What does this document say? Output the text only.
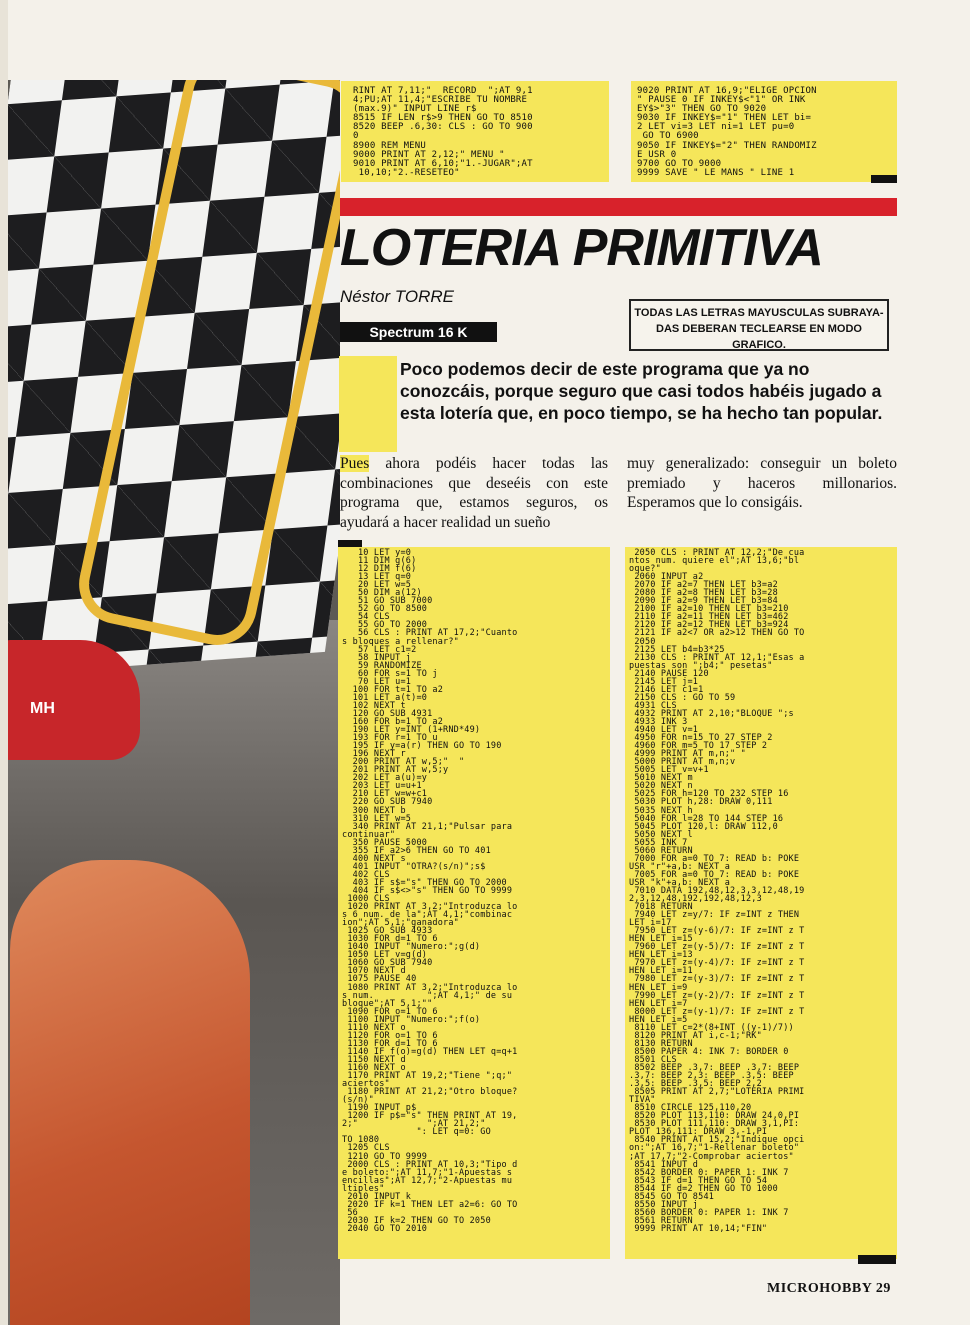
MH
RINT AT 7,11;"  RECORD  ";AT 9,1
4;PU;AT 11,4;"ESCRIBE TU NOMBRE
(max.9)" INPUT LINE r$
8515 IF LEN r$>9 THEN GO TO 8510
8520 BEEP .6,30: CLS : GO TO 900
0
8900 REM MENU
9000 PRINT AT 2,12;" MENU "
9010 PRINT AT 6,10;"1.-JUGAR";AT
10,10;"2.-RESETEO"
9020 PRINT AT 16,9;"ELIGE OPCION
" PAUSE 0 IF INKEY$<"1" OR INK
EY$>"3" THEN GO TO 9020
9030 IF INKEY$="1" THEN LET bi=
2 LET vi=3 LET ni=1 LET pu=0
GO TO 6900
9050 IF INKEY$="2" THEN RANDOMIZ
E USR 0
9700 GO TO 9000
9999 SAVE " LE MANS " LINE 1
LOTERIA PRIMITIVA
Néstor TORRE
Spectrum 16 K
TODAS LAS LETRAS MAYUSCULAS SUBRAYA-
DAS DEBERAN TECLEARSE EN MODO GRAFICO.
Poco podemos decir de este programa que ya no conozcáis, porque seguro que casi todos habéis jugado a esta lotería que, en poco tiempo, se ha hecho tan popular.
Pues ahora podéis hacer todas las combinaciones que deseéis con este programa que, estamos seguros, os ayudará a hacer realidad un sueño
muy generalizado: conseguir un boleto premiado y haceros millonarios. Esperamos que lo consigáis.
10 LET y=0
11 DIM g(6)
12 DIM f(6)
13 LET q=0
20 LET w=5
50 DIM a(12)
51 GO SUB 7000
52 GO TO 8500
54 CLS
55 GO TO 2000
56 CLS : PRINT AT 17,2;"Cuanto
s bloques a rellenar?"
57 LET c1=2
58 INPUT j
59 RANDOMIZE
60 FOR s=1 TO j
70 LET u=1
100 FOR t=1 TO a2
101 LET a(t)=0
102 NEXT t
120 GO SUB 4931
160 FOR b=1 TO a2
190 LET y=INT (1+RND*49)
193 FOR r=1 TO u
195 IF y=a(r) THEN GO TO 190
196 NEXT r
200 PRINT AT w,5;"  "
201 PRINT AT w,5;y
202 LET a(u)=y
203 LET u=u+1
210 LET w=w+c1
220 GO SUB 7940
300 NEXT b
310 LET w=5
340 PRINT AT 21,1;"Pulsar para
continuar"
350 PAUSE 5000
355 IF a2>6 THEN GO TO 401
400 NEXT s
401 INPUT "OTRA?(s/n)";s$
402 CLS
403 IF s$="s" THEN GO TO 2000
404 IF s$<>"s" THEN GO TO 9999
1000 CLS
1020 PRINT AT 3,2;"Introduzca lo
s 6 num. de la";AT 4,1;"combinac
ion";AT 5,1;"ganadora"
1025 GO SUB 4933
1030 FOR d=1 TO 6
1040 INPUT "Numero:";g(d)
1050 LET v=g(d)
1060 GO SUB 7940
1070 NEXT d
1075 PAUSE 40
1080 PRINT AT 3,2;"Introduzca lo
s num.          ";AT 4,1;" de su
bloque";AT 5,1;""
1090 FOR o=1 TO 6
1100 INPUT "Numero:";f(o)
1110 NEXT o
1120 FOR o=1 TO 6
1130 FOR d=1 TO 6
1140 IF f(o)=g(d) THEN LET q=q+1
1150 NEXT d
1160 NEXT o
1170 PRINT AT 19,2;"Tiene ";q;"
aciertos"
1180 PRINT AT 21,2;"Otro bloque?
(s/n)"
1190 INPUT p$
1200 IF p$="s" THEN PRINT AT 19,
2;"             ";AT 21,2;"
": LET q=0: GO
TO 1080
1205 CLS
1210 GO TO 9999
2000 CLS : PRINT AT 10,3;"Tipo d
e boleto:";AT 11,7;"1-Apuestas s
encillas";AT 12,7;"2-Apuestas mu
ltiples"
2010 INPUT k
2020 IF k=1 THEN LET a2=6: GO TO
56
2030 IF k=2 THEN GO TO 2050
2040 GO TO 2010
2050 CLS : PRINT AT 12,2;"De cua
ntos num. quiere el";AT 13,6;"bl
oque?"
2060 INPUT a2
2070 IF a2=7 THEN LET b3=a2
2080 IF a2=8 THEN LET b3=28
2090 IF a2=9 THEN LET b3=84
2100 IF a2=10 THEN LET b3=210
2110 IF a2=11 THEN LET b3=462
2120 IF a2=12 THEN LET b3=924
2121 IF a2<7 OR a2>12 THEN GO TO
2050
2125 LET b4=b3*25
2130 CLS : PRINT AT 12,1;"Esas a
puestas son ";b4;" pesetas"
2140 PAUSE 120
2145 LET j=1
2146 LET c1=1
2150 CLS : GO TO 59
4931 CLS
4932 PRINT AT 2,10;"BLOQUE ";s
4933 INK 3
4940 LET v=1
4950 FOR n=15 TO 27 STEP 2
4960 FOR m=5 TO 17 STEP 2
4999 PRINT AT m,n;" "
5000 PRINT AT m,n;v
5005 LET v=v+1
5010 NEXT m
5020 NEXT n
5025 FOR h=120 TO 232 STEP 16
5030 PLOT h,28: DRAW 0,111
5035 NEXT h
5040 FOR l=28 TO 144 STEP 16
5045 PLOT 120,l: DRAW 112,0
5050 NEXT l
5055 INK 7
5060 RETURN
7000 FOR a=0 TO 7: READ b: POKE
USR "r"+a,b: NEXT a
7005 FOR a=0 TO 7: READ b: POKE
USR "k"+a,b: NEXT a
7010 DATA 192,48,12,3,3,12,48,19
2,3,12,48,192,192,48,12,3
7018 RETURN
7940 LET z=y/7: IF z=INT z THEN
LET i=17
7950 LET z=(y-6)/7: IF z=INT z T
HEN LET i=15
7960 LET z=(y-5)/7: IF z=INT z T
HEN LET i=13
7970 LET z=(y-4)/7: IF z=INT z T
HEN LET i=11
7980 LET z=(y-3)/7: IF z=INT z T
HEN LET i=9
7990 LET z=(y-2)/7: IF z=INT z T
HEN LET i=7
8000 LET z=(y-1)/7: IF z=INT z T
HEN LET i=5
8110 LET c=2*(8+INT ((y-1)/7))
8120 PRINT AT i,c-1;"RK"
8130 RETURN
8500 PAPER 4: INK 7: BORDER 0
8501 CLS
8502 BEEP .3,7: BEEP .3,7: BEEP
.3,7: BEEP 2,3: BEEP .3,5: BEEP
.3,5: BEEP .3,5: BEEP 2,2
8505 PRINT AT 2,7;"LOTERIA PRIMI
TIVA"
8510 CIRCLE 125,110,20
8520 PLOT 113,110: DRAW 24,0,PI
8530 PLOT 111,110: DRAW 3,1,PI:
PLOT 136,111: DRAW 3,-1,PI
8540 PRINT AT 15,2;"Indique opci
on:";AT 16,7;"1-Rellenar boleto"
;AT 17,7;"2-Comprobar aciertos"
8541 INPUT d
8542 BORDER 0: PAPER 1: INK 7
8543 IF d=1 THEN GO TO 54
8544 IF d=2 THEN GO TO 1000
8545 GO TO 8541
8550 INPUT j
8560 BORDER 0: PAPER 1: INK 7
8561 RETURN
9999 PRINT AT 10,14;"FIN"
MICROHOBBY 29
